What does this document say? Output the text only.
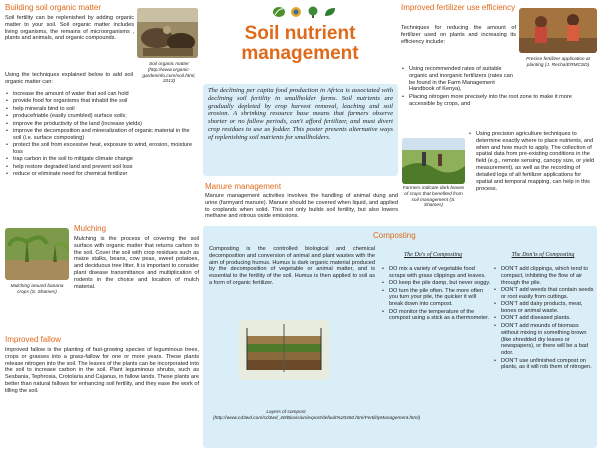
Building soil organic matter

Soil fertility can be replenished by adding organic matter to your soil. Soil organic matter includes living organisms, the remains of microorganisms , plants and animals, and organic compounds.

Soil organic matter (http://www.organic-gardeninfo.com/soil.html, 2013)

Using the techniques explained below to add soil organic matter can:

• increase the amount of water that soil can hold
• provide food for organisms that inhabit the soil
• help minerals bind to soil
• producefriable (easily crumbled) surface soils;
• improve the productivity of the land (increase yields)
• improve the decomposition and mineralization of organic material in the soil (i.e. surface composting)
• protect the soil from excessive heat, exposure to wind, erosion, moisture loss
• trap carbon in the soil to mitigate climate change
• help restore degraded land and prevent soil loss
• reduce or eliminate need for chemical fertilizer

Mulching around banana crops (S. Shames)

Mulching

Mulching is the process of covering the soil surface with organic matter that returns carbon to the soil. Cover the soil with crop residues such as maize stalks, beans, cow peas, sweet potatoes, and deciduous tree litter. It is important to consider plant disease transmittance and multiplication of rodents in the choice and location of mulch material.

Improved fallow

Improved fallow is the planting of fast-growing species of leguminous trees, crops or grasses into a grass-fallow for one or more years. These plants release nitrogen into the soil. The leaves of the plants can be incorporated into the soil to increase carbon in the soil. Plant leguminous shrubs, such as Sesbania, Tephrosia, Crotolaria and Cajanus, in fallow lands. These plants are better than natural fallows for enhancing soil fertility, and they ease the work of tilling the soil.

Soil nutrient
management

The declining per capita food production in Africa is associated with declining soil fertility in smallholder farms. Soil nutrients are gradually depleted by crop harvest removal, leaching and soil erosion. A shrinking resource base means that farmers observe shorter or no fallow periods, can't afford fertilizer, and must divert crop residues to use as fodder. This poster presents alternative ways of replenishing soil nutrients for smallholders.

Manure management

Manure management activities involves the handling of animal dung and urine (farmyard manure). Manure should be covered when liquid, and applied to croplands when solid. This not only builds soil fertility, but also lowers methane and nitrous oxide emissions.

Improved fertilizer use efficiency

Techniques for reducing the amount of fertilizer used on plants and increasing its efficiency include:

Precise fertilizer application at planting (J. Recha/ERMCSD)

• Using recommended rates of suitable organic and inorganic fertilizers (rates can be found in the Farm Management Handbook of Kenya),
• Placing nitrogen more precisely into the root zone to make it more accessible by crops, and

Farmers indicate dark leaves of crops that benefited from soil management (S. Shames)

• Using precision agriculture techniques to determine exactly where to place nutrients, and when and how much to apply. The collection of spatial data from pre-existing conditions in the field (e.g., remote sensing, canopy size, or yield measurement), as well as the recording of detailed logs of all fertilizer applications for spatial and temporal mapping, can help in this process.
Composting

Composting is the controlled biological and chemical decomposition and conversion of animal and plant wastes with the aim of producing humus. Humus is dark organic material produced by the decomposition of vegetable or animal matter, and is essential to the fertility of the soil. Humus is then applied to soil as a form of organic fertilizer.

Layers of compost (http://www.cd3wd.com/cd3wd_40/Biovision/export/default%20460.htm/FertilityManagement.html)

The Do's of Composting
• DO mix a variety of vegetable food scraps with grass clippings and leaves.
• DO keep the pile damp, but never soggy.
• DO turn the pile often. The more often you turn your pile, the quicker it will break down into compost.
• DO monitor the temperature of the compost using a stick as a thermometer.
The Don'ts of Composting
• DON'T add clippings, which tend to compact, inhibiting the flow of air through the pile.
• DON'T add weeds that contain seeds or root easily from cuttings.
• DON'T add dairy products, meat, bones or animal waste.
• DON'T add diseased plants.
• DON'T add mounds of biomass without mixing in something brown (like shredded dry leaves or newspapers), or there will be a bad odor.
• DON'T use unfinished compost on plants, as it will rob them of nitrogen.
